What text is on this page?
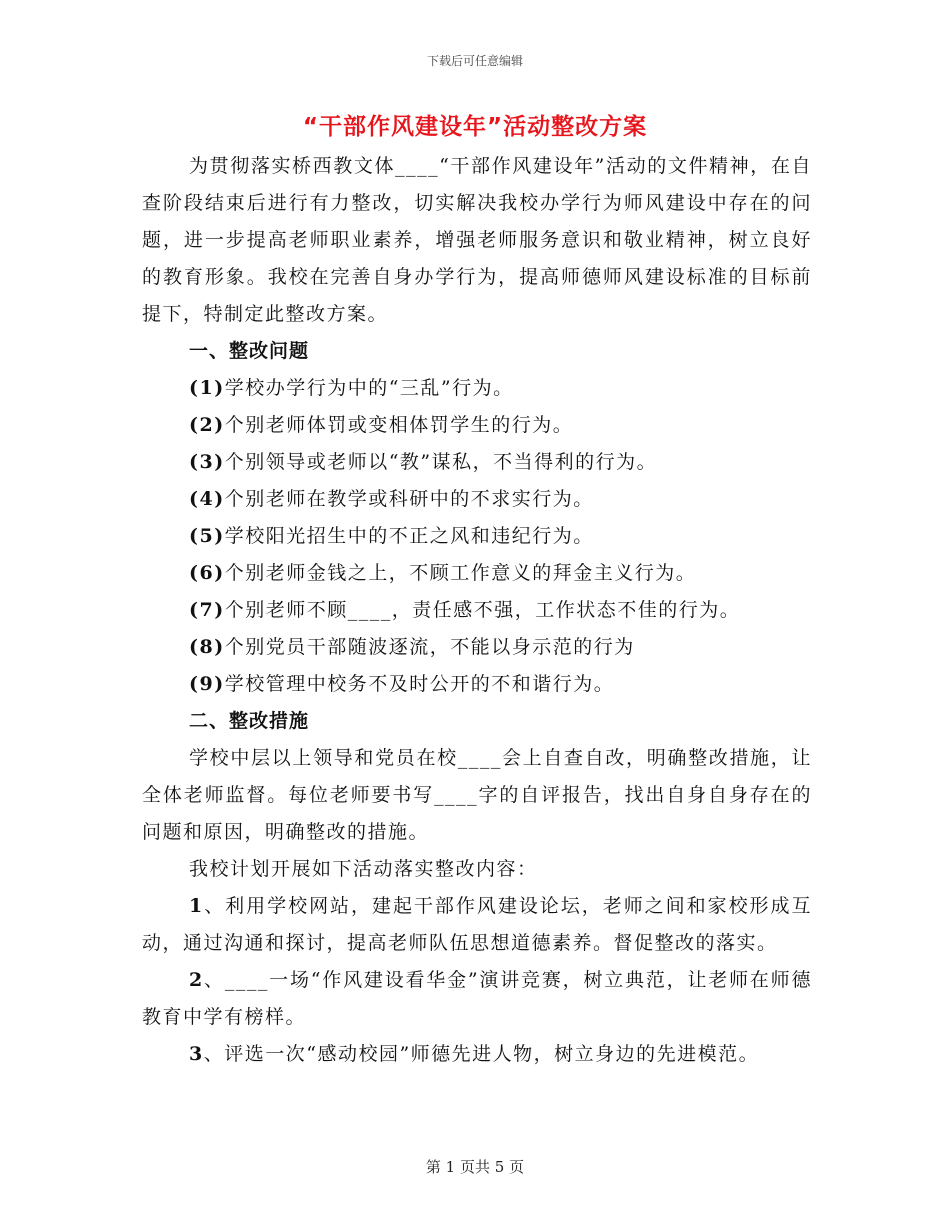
下载后可任意编辑
“干部作风建设年”活动整改方案

为贯彻落实桥西教文体____“干部作风建设年”活动的文件精神，在自查阶段结束后进行有力整改，切实解决我校办学行为师风建设中存在的问题，进一步提高老师职业素养，增强老师服务意识和敬业精神，树立良好的教育形象。我校在完善自身办学行为，提高师德师风建设标准的目标前提下，特制定此整改方案。

一、整改问题

(1)学校办学行为中的“三乱”行为。

(2)个别老师体罚或变相体罚学生的行为。

(3)个别领导或老师以“教”谋私，不当得利的行为。

(4)个别老师在教学或科研中的不求实行为。

(5)学校阳光招生中的不正之风和违纪行为。

(6)个别老师金钱之上，不顾工作意义的拜金主义行为。

(7)个别老师不顾____，责任感不强，工作状态不佳的行为。

(8)个别党员干部随波逐流，不能以身示范的行为

(9)学校管理中校务不及时公开的不和谐行为。

二、整改措施

学校中层以上领导和党员在校____会上自查自改，明确整改措施，让全体老师监督。每位老师要书写____字的自评报告，找出自身自身存在的问题和原因，明确整改的措施。

我校计划开展如下活动落实整改内容：

1、利用学校网站，建起干部作风建设论坛，老师之间和家校形成互动，通过沟通和探讨，提高老师队伍思想道德素养。督促整改的落实。

2、____一场“作风建设看华金”演讲竞赛，树立典范，让老师在师德教育中学有榜样。

3、评选一次“感动校园”师德先进人物，树立身边的先进模范。

第 1 页共 5 页
